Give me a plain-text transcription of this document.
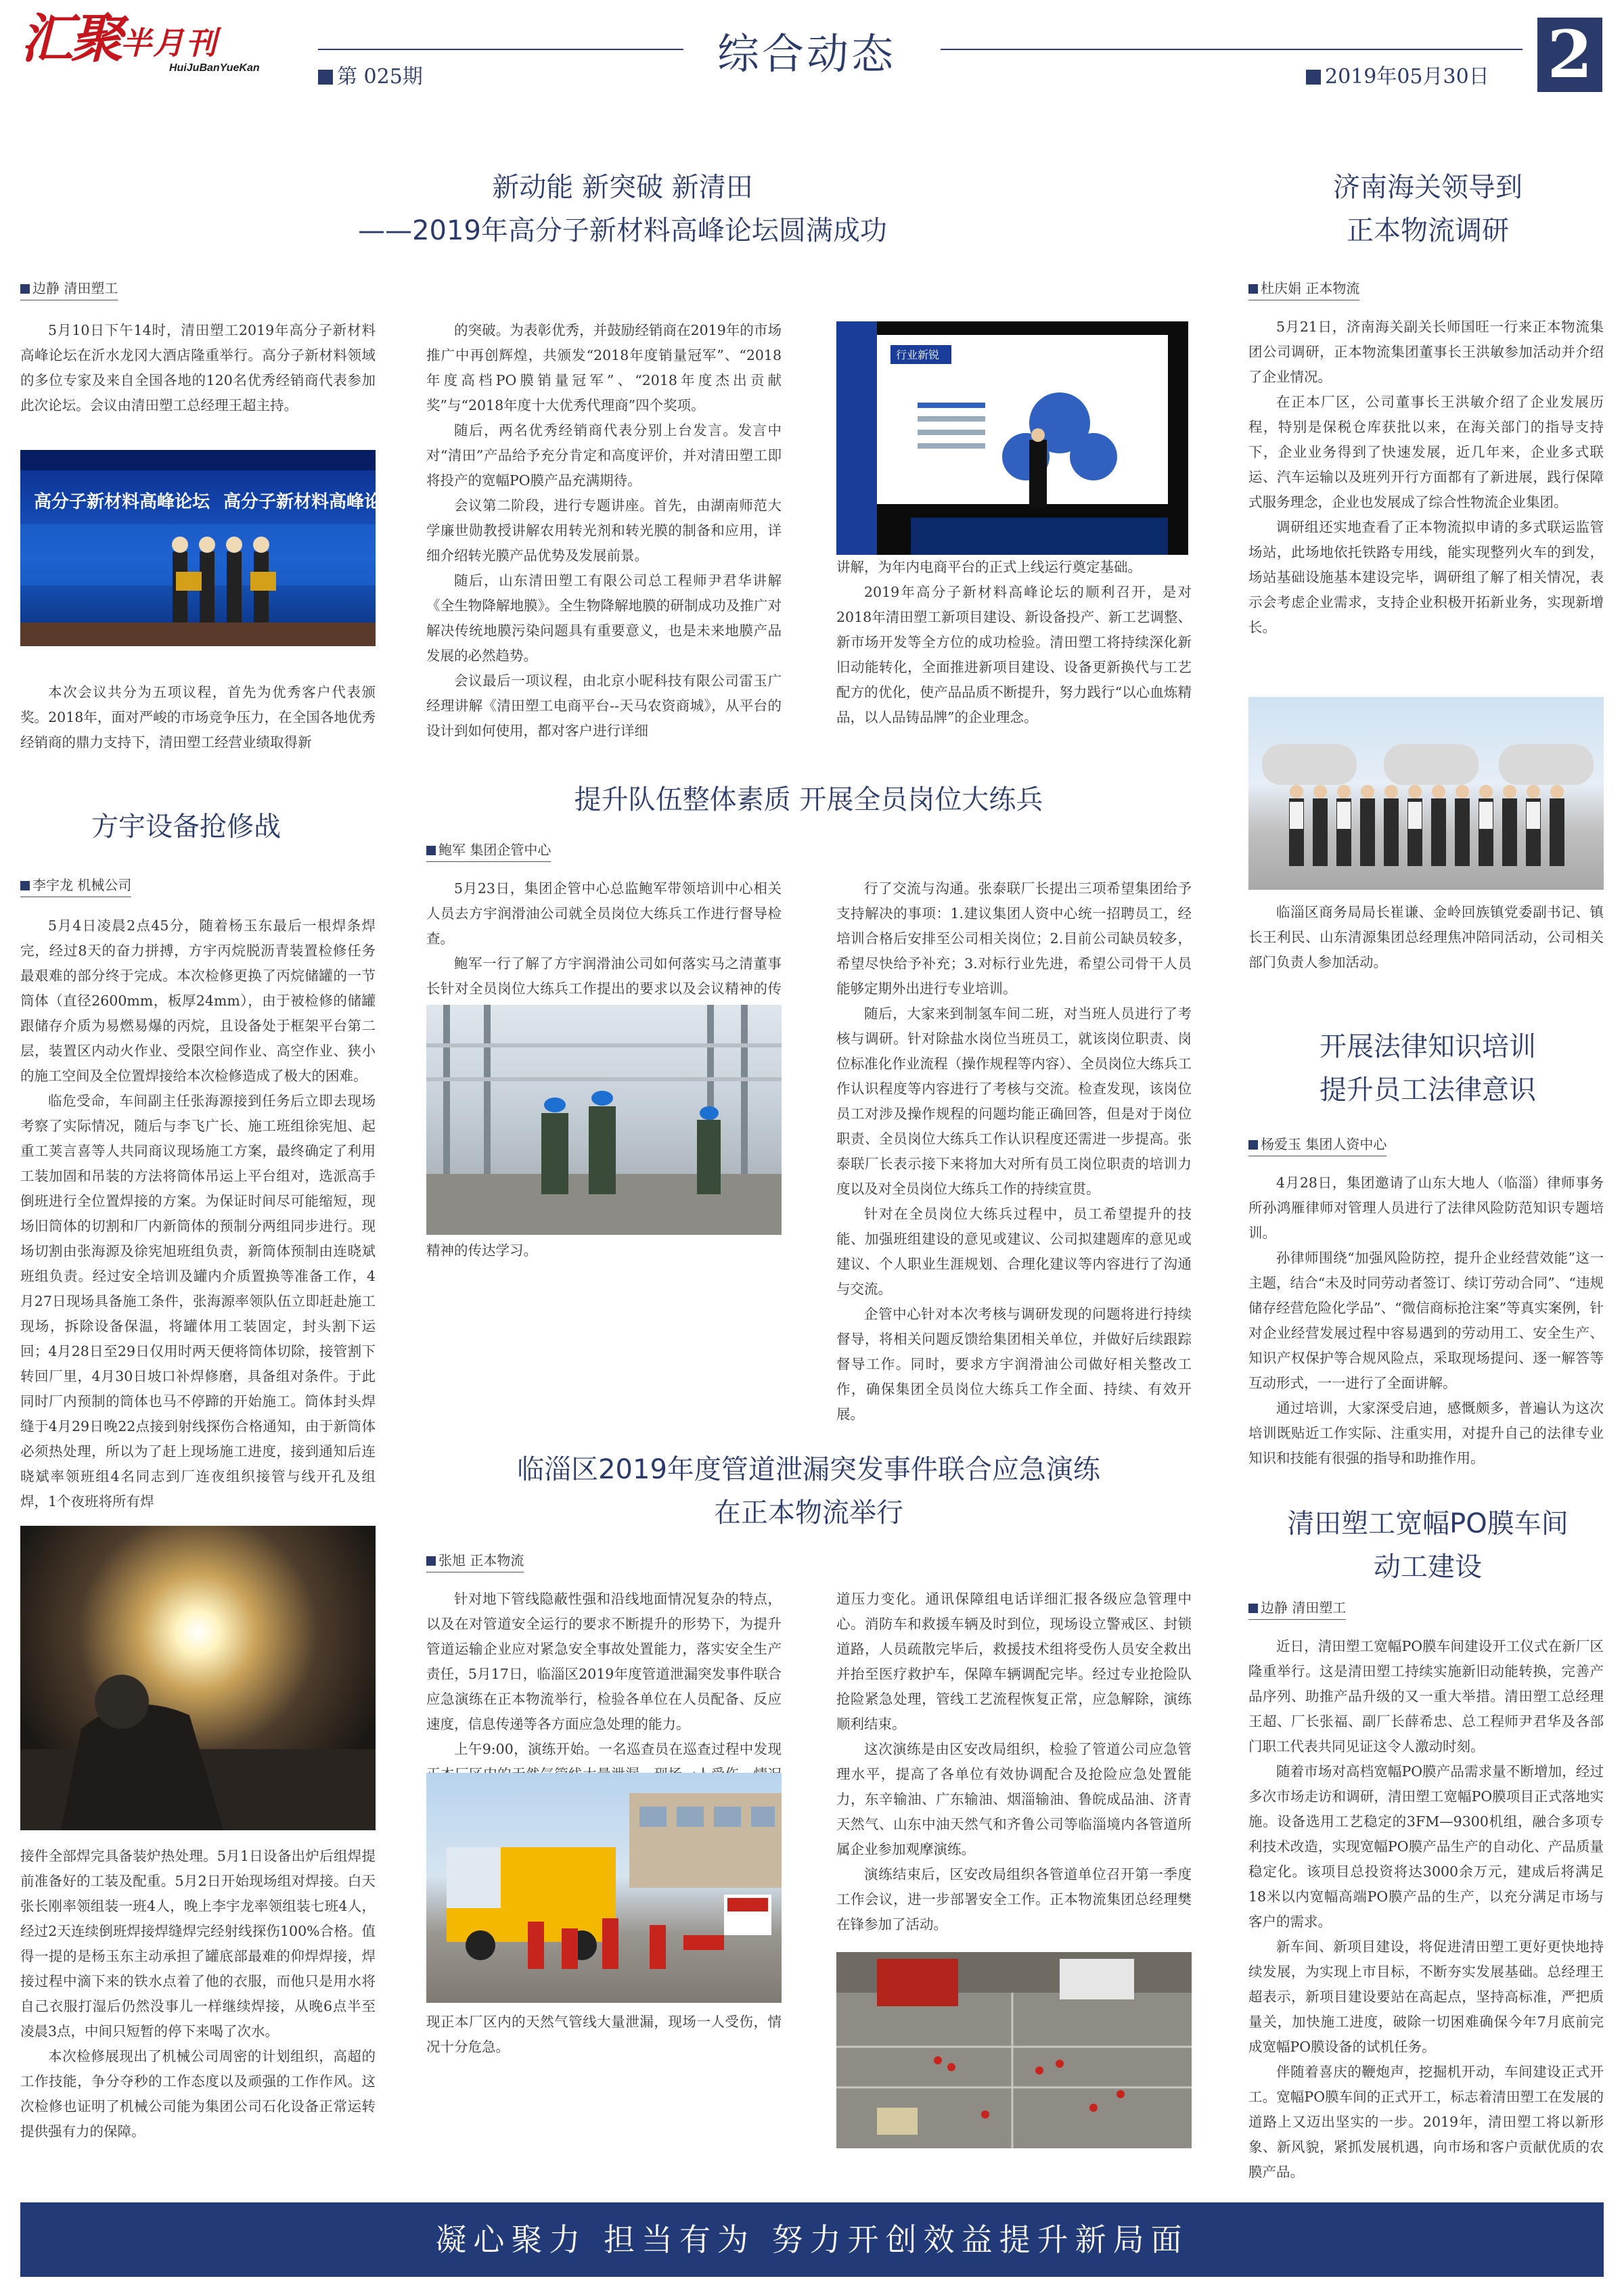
汇聚半月刊
HuiJuBanYueKan	第 025期	综合动态	2019年05月30日 2
新动能 新突破 新清田
——2019年高分子新材料高峰论坛圆满成功
边静 清田塑工

5月10日下午14时，清田塑工2019年高分子新材料高峰论坛在沂水龙冈大酒店隆重举行。高分子新材料领域的多位专家及来自全国各地的120名优秀经销商代表参加此次论坛。会议由清田塑工总经理王超主持。

高分子新材料高峰论坛 高分子新材料高峰论坛

本次会议共分为五项议程，首先为优秀客户代表颁奖。2018年，面对严峻的市场竞争压力，在全国各地优秀经销商的鼎力支持下，清田塑工经营业绩取得新

的突破。为表彰优秀，并鼓励经销商在2019年的市场推广中再创辉煌，共颁发“2018年度销量冠军”、“2018年度高档PO膜销量冠军”、“2018年度杰出贡献奖”与“2018年度十大优秀代理商”四个奖项。

随后，两名优秀经销商代表分别上台发言。发言中对“清田”产品给予充分肯定和高度评价，并对清田塑工即将投产的宽幅PO膜产品充满期待。

会议第二阶段，进行专题讲座。首先，由湖南师范大学廉世勋教授讲解农用转光剂和转光膜的制备和应用，详细介绍转光膜产品优势及发展前景。

随后，山东清田塑工有限公司总工程师尹君华讲解《全生物降解地膜》。全生物降解地膜的研制成功及推广对解决传统地膜污染问题具有重要意义，也是未来地膜产品发展的必然趋势。

会议最后一项议程，由北京小昵科技有限公司雷玉广经理讲解《清田塑工电商平台--天马农资商城》，从平台的设计到如何使用，都对客户进行详细

行业新锐

讲解，为年内电商平台的正式上线运行奠定基础。

2019年高分子新材料高峰论坛的顺利召开，是对2018年清田塑工新项目建设、新设备投产、新工艺调整、新市场开发等全方位的成功检验。清田塑工将持续深化新旧动能转化，全面推进新项目建设、设备更新换代与工艺配方的优化，使产品品质不断提升，努力践行“以心血炼精品，以人品铸品牌”的企业理念。

济南海关领导到
正本物流调研
杜庆娟 正本物流

5月21日，济南海关副关长师国旺一行来正本物流集团公司调研，正本物流集团董事长王洪敏参加活动并介绍了企业情况。

在正本厂区，公司董事长王洪敏介绍了企业发展历程，特别是保税仓库获批以来，在海关部门的指导支持下，企业业务得到了快速发展，近几年来，企业多式联运、汽车运输以及班列开行方面都有了新进展，践行保障式服务理念，企业也发展成了综合性物流企业集团。

调研组还实地查看了正本物流拟申请的多式联运监管场站，此场地依托铁路专用线，能实现整列火车的到发，场站基础设施基本建设完毕，调研组了解了相关情况，表示会考虑企业需求，支持企业积极开拓新业务，实现新增长。

临淄区商务局局长崔谦、金岭回族镇党委副书记、镇长王利民、山东清源集团总经理焦冲陪同活动，公司相关部门负责人参加活动。

方宇设备抢修战
李宇龙 机械公司

5月4日凌晨2点45分，随着杨玉东最后一根焊条焊完，经过8天的奋力拼搏，方宇丙烷脱沥青装置检修任务最艰难的部分终于完成。本次检修更换了丙烷储罐的一节筒体（直径2600mm，板厚24mm），由于被检修的储罐跟储存介质为易燃易爆的丙烷，且设备处于框架平台第二层，装置区内动火作业、受限空间作业、高空作业、狭小的施工空间及全位置焊接给本次检修造成了极大的困难。

临危受命，车间副主任张海源接到任务后立即去现场考察了实际情况，随后与李飞广长、施工班组徐宪旭、起重工荚言喜等人共同商议现场施工方案，最终确定了利用工装加固和吊装的方法将筒体吊运上平台组对，选派高手倒班进行全位置焊接的方案。为保证时间尽可能缩短，现场旧筒体的切割和厂内新筒体的预制分两组同步进行。现场切割由张海源及徐宪旭班组负责，新筒体预制由连晓斌班组负责。经过安全培训及罐内介质置换等准备工作，4月27日现场具备施工条件，张海源率领队伍立即赶赴施工现场，拆除设备保温，将罐体用工装固定，封头割下运回；4月28日至29日仅用时两天便将筒体切除，接管割下转回厂里，4月30日坡口补焊修磨，具备组对条件。于此同时厂内预制的筒体也马不停蹄的开始施工。筒体封头焊缝于4月29日晚22点接到射线探伤合格通知，由于新筒体必须热处理，所以为了赶上现场施工进度，接到通知后连晓斌率领班组4名同志到厂连夜组织接管与线开孔及组焊，1个夜班将所有焊

接件全部焊完具备装炉热处理。5月1日设备出炉后组焊提前准备好的工装及配重。5月2日开始现场组对焊接。白天张长刚率领组装一班4人，晚上李宇龙率领组装七班4人，经过2天连续倒班焊接焊缝焊完经射线探伤100%合格。值得一提的是杨玉东主动承担了罐底部最难的仰焊焊接，焊接过程中滴下来的铁水点着了他的衣服，而他只是用水将自己衣服打湿后仍然没事儿一样继续焊接，从晚6点半至凌晨3点，中间只短暂的停下来喝了次水。

本次检修展现出了机械公司周密的计划组织，高超的工作技能，争分夺秒的工作态度以及顽强的工作作风。这次检修也证明了机械公司能为集团公司石化设备正常运转提供强有力的保障。

提升队伍整体素质 开展全员岗位大练兵
鲍军 集团企管中心

5月23日，集团企管中心总监鲍军带领培训中心相关人员去方宇润滑油公司就全员岗位大练兵工作进行督导检查。

鲍军一行了解了方宇润滑油公司如何落实马之清董事长针对全员岗位大练兵工作提出的要求以及会议精神的传

精神的传达学习。

行了交流与沟通。张泰联厂长提出三项希望集团给予支持解决的事项：1.建议集团人资中心统一招聘员工，经培训合格后安排至公司相关岗位；2.目前公司缺员较多，希望尽快给予补充；3.对标行业先进，希望公司骨干人员能够定期外出进行专业培训。

随后，大家来到制氢车间二班，对当班人员进行了考核与调研。针对除盐水岗位当班员工，就该岗位职责、岗位标准化作业流程（操作规程等内容）、全员岗位大练兵工作认识程度等内容进行了考核与交流。检查发现，该岗位员工对涉及操作规程的问题均能正确回答，但是对于岗位职责、全员岗位大练兵工作认识程度还需进一步提高。张泰联厂长表示接下来将加大对所有员工岗位职责的培训力度以及对全员岗位大练兵工作的持续宣贯。

针对在全员岗位大练兵过程中，员工希望提升的技能、加强班组建设的意见或建议、公司拟建题库的意见或建议、个人职业生涯规划、合理化建议等内容进行了沟通与交流。

企管中心针对本次考核与调研发现的问题将进行持续督导，将相关问题反馈给集团相关单位，并做好后续跟踪督导工作。同时，要求方宇润滑油公司做好相关整改工作，确保集团全员岗位大练兵工作全面、持续、有效开展。

临淄区2019年度管道泄漏突发事件联合应急演练
在正本物流举行
张旭 正本物流

针对地下管线隐蔽性强和沿线地面情况复杂的特点，以及在对管道安全运行的要求不断提升的形势下，为提升管道运输企业应对紧急安全事故处置能力，落实安全生产责任，5月17日，临淄区2019年度管道泄漏突发事件联合应急演练在正本物流举行，检验各单位在人员配备、反应速度，信息传递等各方面应急处理的能力。

上午9:00，演练开始。一名巡查员在巡查过程中发现

现正本厂区内的天然气管线大量泄漏，现场一人受伤，情况十分危急。

道压力变化。通讯保障组电话详细汇报各级应急管理中心。消防车和救援车辆及时到位，现场设立警戒区、封锁道路，人员疏散完毕后，救援技术组将受伤人员安全救出并抬至医疗救护车，保障车辆调配完毕。经过专业抢险队抢险紧急处理，管线工艺流程恢复正常，应急解除，演练顺利结束。

这次演练是由区安改局组织，检验了管道公司应急管理水平，提高了各单位有效协调配合及抢险应急处置能力，东辛输油、广东输油、烟淄输油、鲁皖成品油、济青天然气、山东中油天然气和齐鲁公司等临淄境内各管道所属企业参加观摩演练。

演练结束后，区安改局组织各管道单位召开第一季度工作会议，进一步部署安全工作。正本物流集团总经理樊在锋参加了活动。

开展法律知识培训
提升员工法律意识
杨爱玉 集团人资中心

4月28日，集团邀请了山东大地人（临淄）律师事务所孙鸿雁律师对管理人员进行了法律风险防范知识专题培训。

孙律师围绕“加强风险防控，提升企业经营效能”这一主题，结合“未及时同劳动者签订、续订劳动合同”、“违规储存经营危险化学品”、“微信商标抢注案”等真实案例，针对企业经营发展过程中容易遇到的劳动用工、安全生产、知识产权保护等合规风险点，采取现场提问、逐一解答等互动形式，一一进行了全面讲解。

通过培训，大家深受启迪，感慨颇多，普遍认为这次培训既贴近工作实际、注重实用，对提升自己的法律专业知识和技能有很强的指导和助推作用。

清田塑工宽幅PO膜车间
动工建设
边静 清田塑工

近日，清田塑工宽幅PO膜车间建设开工仪式在新厂区隆重举行。这是清田塑工持续实施新旧动能转换，完善产品序列、助推产品升级的又一重大举措。清田塑工总经理王超、厂长张福、副厂长薛希忠、总工程师尹君华及各部门职工代表共同见证这令人激动时刻。

随着市场对高档宽幅PO膜产品需求量不断增加，经过多次市场走访和调研，清田塑工宽幅PO膜项目正式落地实施。设备选用工艺稳定的3FM—9300机组，融合多项专利技术改造，实现宽幅PO膜产品生产的自动化、产品质量稳定化。该项目总投资将达3000余万元，建成后将满足18米以内宽幅高端PO膜产品的生产，以充分满足市场与客户的需求。

新车间、新项目建设，将促进清田塑工更好更快地持续发展，为实现上市目标，不断夯实发展基础。总经理王超表示，新项目建设要站在高起点，坚持高标准，严把质量关，加快施工进度，破除一切困难确保今年7月底前完成宽幅PO膜设备的试机任务。

伴随着喜庆的鞭炮声，挖掘机开动，车间建设正式开工。宽幅PO膜车间的正式开工，标志着清田塑工在发展的道路上又迈出坚实的一步。2019年，清田塑工将以新形象、新风貌，紧抓发展机遇，向市场和客户贡献优质的农膜产品。

凝心聚力 担当有为 努力开创效益提升新局面
